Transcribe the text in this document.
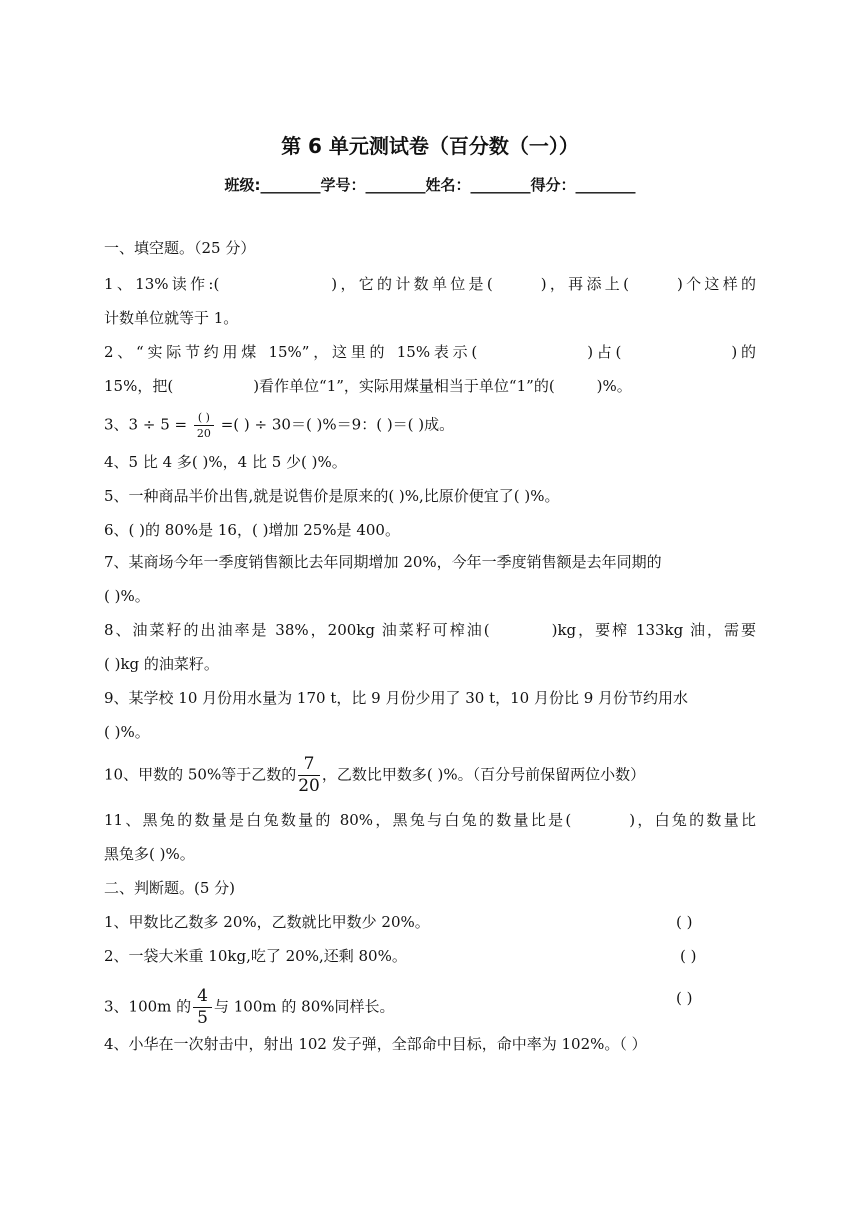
第 6 单元测试卷（百分数（一））
班级:________学号：________姓名：________得分：________
一、填空题。（25 分）
1、13%读作:(	)，它的计数单位是(	)，再添上(	)个这样的
计数单位就等于 1。
2、“实际节约用煤 15%”，这里的 15%表示(	)占(	)的
15%，把(	)看作单位“1”，实际用煤量相当于单位“1”的(	)%。
3、$3 \div 5 = \frac{( )}{20}$ =( ) ÷ 30＝( )%＝9：( )＝( )成。
4、5 比 4 多( )%，4 比 5 少( )%。
5、一种商品半价出售,就是说售价是原来的( )%,比原价便宜了( )%。
6、( )的 80%是 16，( )增加 25%是 400。
7、某商场今年一季度销售额比去年同期增加 20%，今年一季度销售额是去年同期的
( )%。
8、油菜籽的出油率是 38%，200kg 油菜籽可榨油(	)kg，要榨 133kg 油，需要
( )kg 的油菜籽。
9、某学校 10 月份用水量为 170 t，比 9 月份少用了 30 t，10 月份比 9 月份节约用水
( )%。
10、甲数的 50%等于乙数的 $\frac{7}{20}$ ，乙数比甲数多( )%。（百分号前保留两位小数）
11、黑兔的数量是白兔数量的 80%，黑兔与白兔的数量比是(	)，白兔的数量比
黑兔多( )%。
二、判断题。(5 分)
1、甲数比乙数多 20%，乙数就比甲数少 20%。	( )
2、一袋大米重 10kg,吃了 20%,还剩 80%。	( )
3、100m 的 $\frac{4}{5}$ 与 100m 的 80%同样长。	( )
4、小华在一次射击中，射出 102 发子弹，全部命中目标，命中率为 102%。（ ）
